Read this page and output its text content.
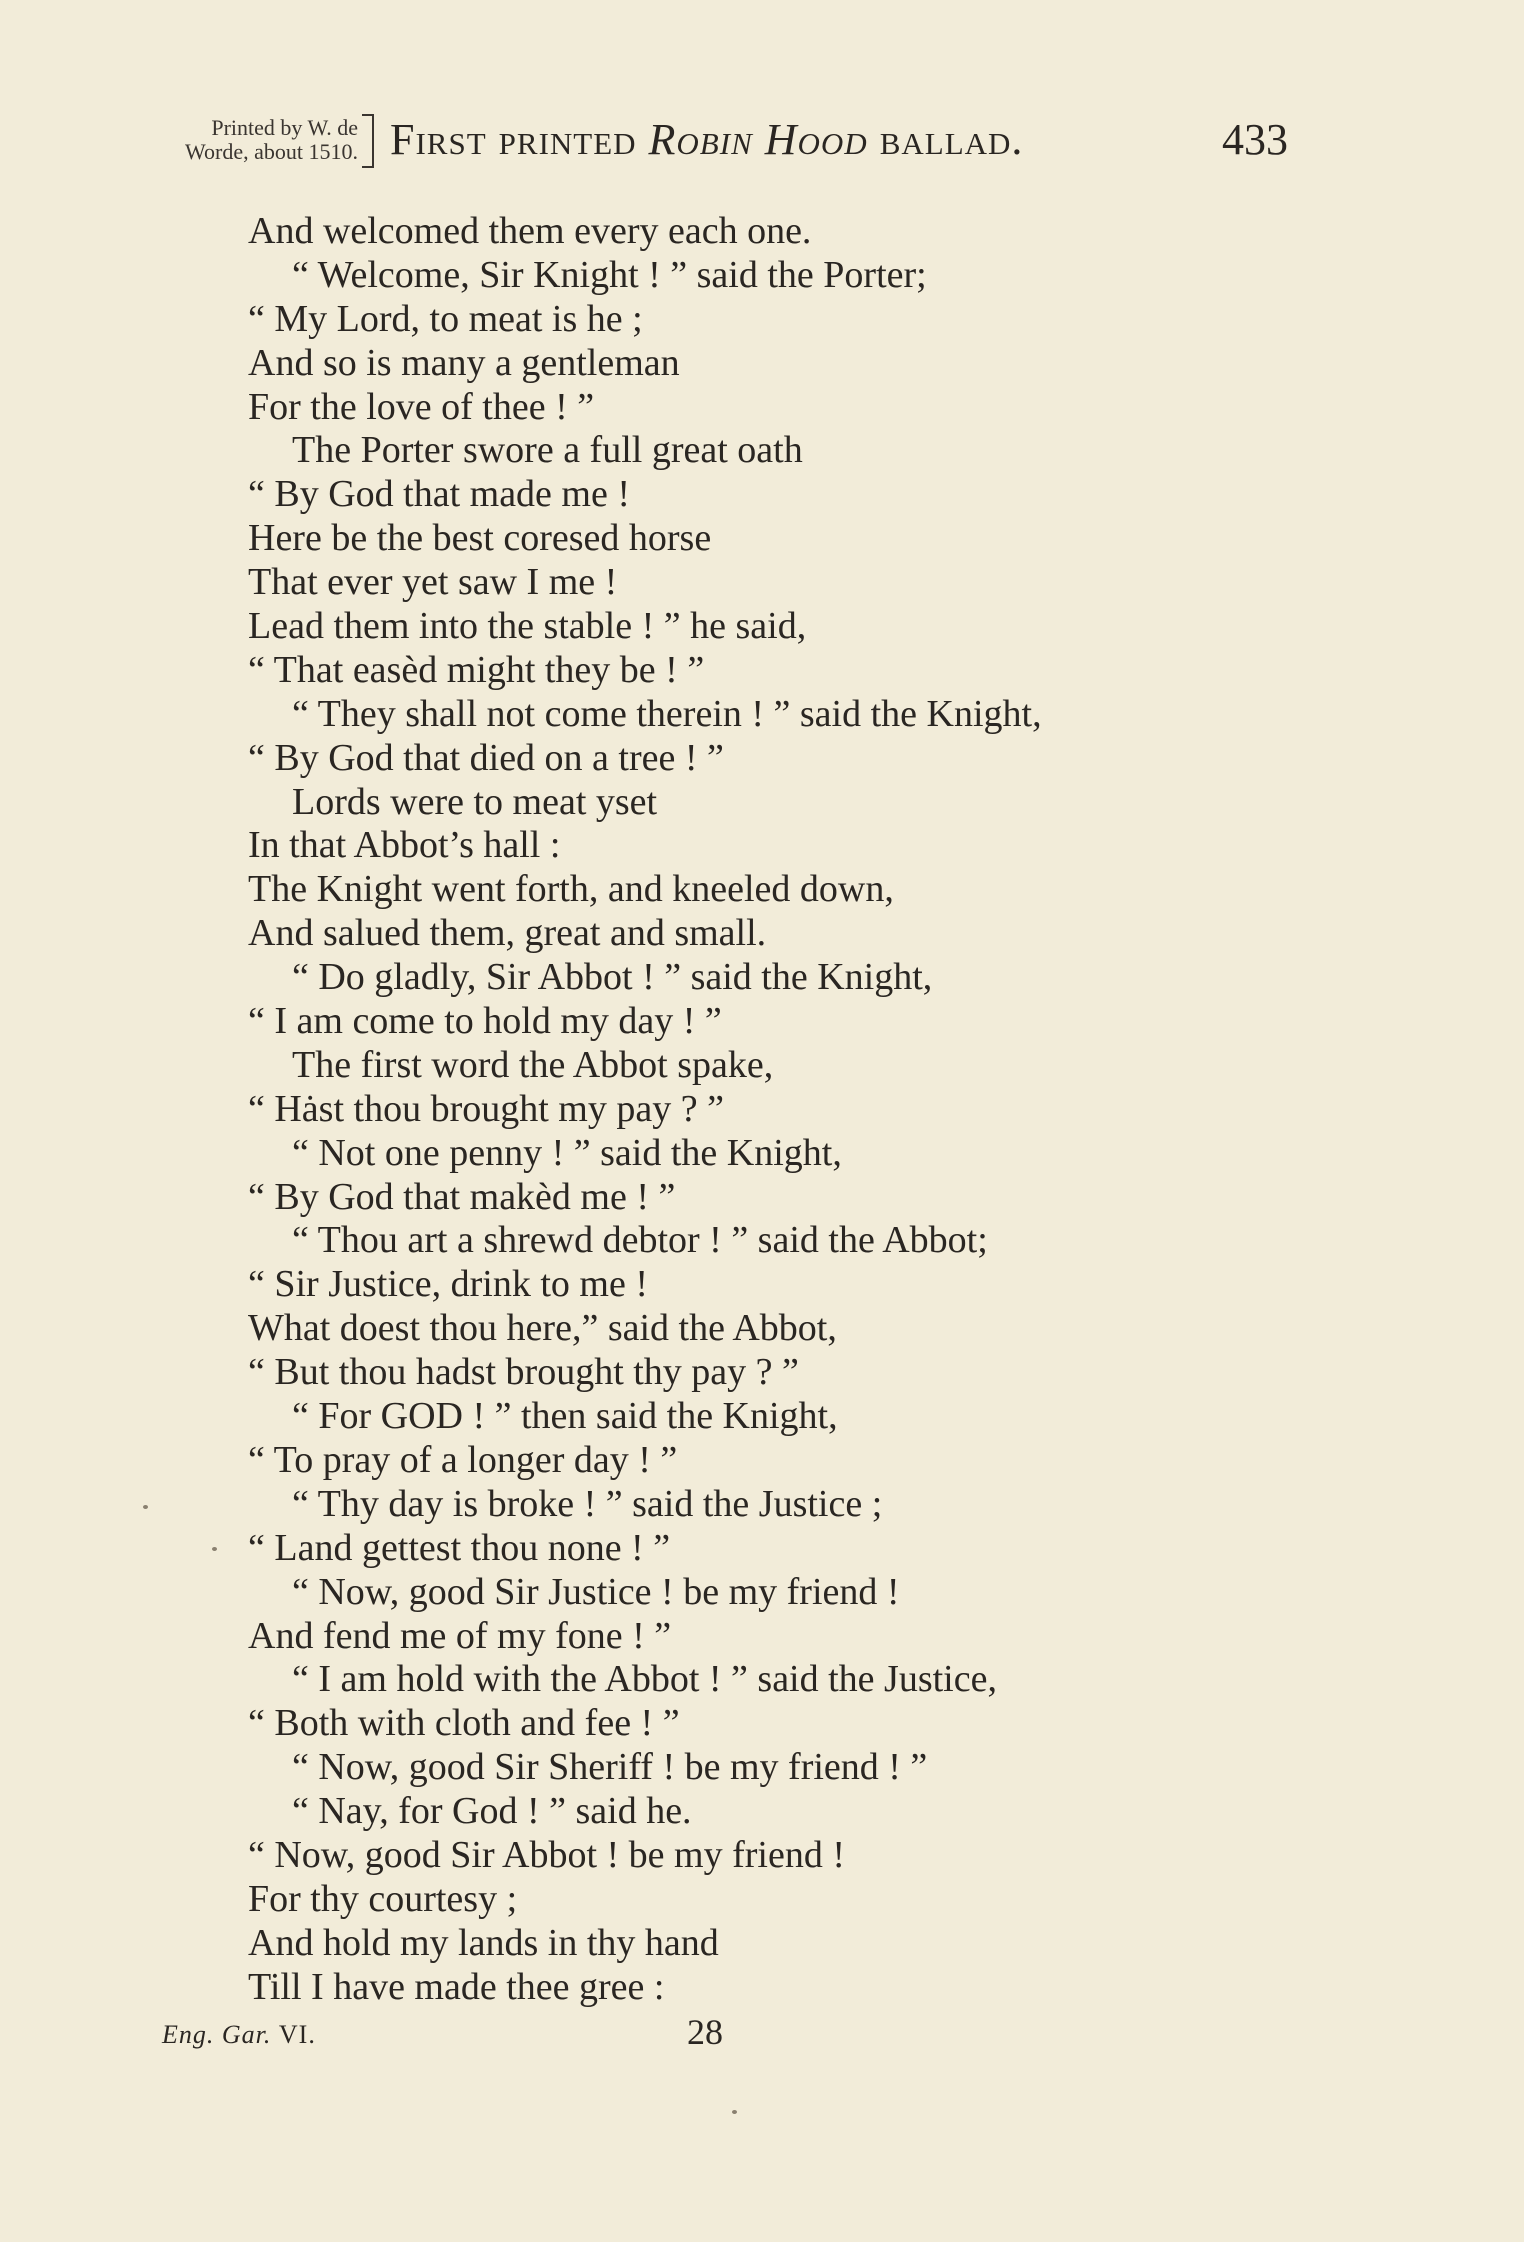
Printed by W. de
Worde, about 1510. First printed Robin Hood ballad.	433
And welcomed them every each one.
“ Welcome, Sir Knight ! ” said the Porter;
“ My Lord, to meat is he ;
And so is many a gentleman
For the love of thee ! ”
The Porter swore a full great oath
“ By God that made me !
Here be the best coresed horse
That ever yet saw I me !
Lead them into the stable ! ” he said,
“ That easèd might they be ! ”
“ They shall not come therein ! ” said the Knight,
“ By God that died on a tree ! ”
Lords were to meat yset
In that Abbot’s hall :
The Knight went forth, and kneeled down,
And salued them, great and small.
“ Do gladly, Sir Abbot ! ” said the Knight,
“ I am come to hold my day ! ”
The first word the Abbot spake,
“ Hȧst thou brought my pay ? ”
“ Not one penny ! ” said the Knight,
“ By God that makèd me ! ”
“ Thou art a shrewd debtor ! ” said the Abbot;
“ Sir Justice, drink to me !
What doest thou here,” said the Abbot,
“ But thou hadst brought thy pay ? ”
“ For GOD ! ” then said the Knight,
“ To pray of a longer day ! ”
“ Thy day is broke ! ” said the Justice ;
“ Land gettest thou none ! ”
“ Now, good Sir Justice ! be my friend !
And fend me of my fone ! ”
“ I am hold with the Abbot ! ” said the Justice,
“ Both with cloth and fee ! ”
“ Now, good Sir Sheriff ! be my friend ! ”
“ Nay, for God ! ” said he.
“ Now, good Sir Abbot ! be my friend !
For thy courtesy ;
And hold my lands in thy hand
Till I have made thee gree :
Eng. Gar. VI.	28
